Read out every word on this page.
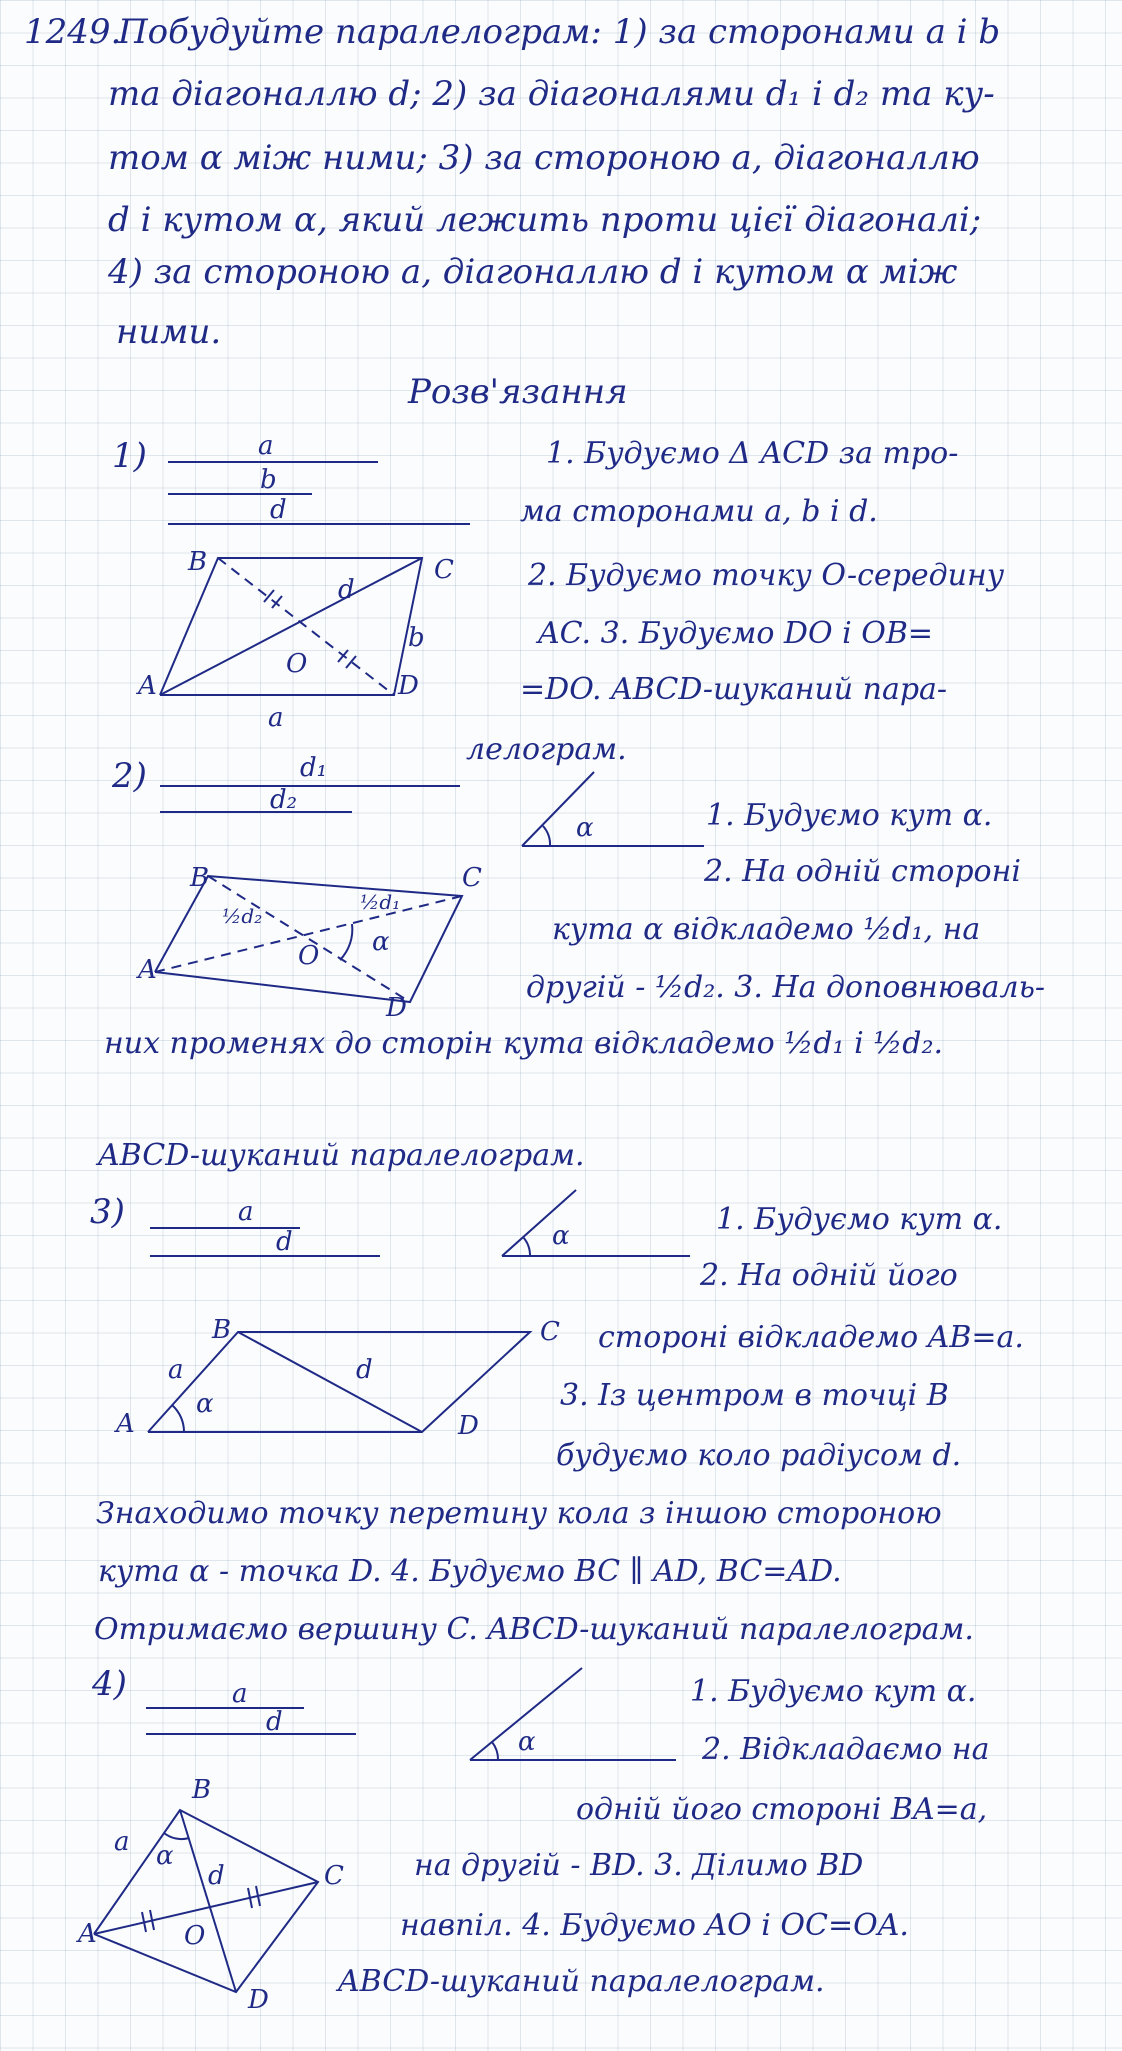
1249.
Побудуйте паралелограм: 1) за сторонами a і b
та діагоналлю d; 2) за діагоналями d₁ і d₂ та ку-
том α між ними; 3) за стороною a, діагоналлю
d і кутом α, який лежить проти цієї діагоналі;
4) за стороною a, діагоналлю d і кутом α між
ними.
Розв'язання
1)	a
b
d
A
B	C
D
O
a
b
d
1. Будуємо Δ ACD за тро-
ма сторонами a, b і d.
2. Будуємо точку O-середину
AC. 3. Будуємо DO і OB=
=DO. ABCD-шуканий пара-
лелограм.
2)	d₁
d₂
α
A
B	C
D
O
½d₂
½d₁
α
1. Будуємо кут α.
2. На одній стороні
кута α відкладемо ½d₁, на
другій - ½d₂. 3. На доповнюваль-
них променях до сторін кута відкладемо ½d₁ і ½d₂.
ABCD-шуканий паралелограм.
3)	a
d	α
A
B	C
D
a	d
α
1. Будуємо кут α.
2. На одній його
стороні відкладемо AB=a.
3. Із центром в точці B
будуємо коло радіусом d.
Знаходимо точку перетину кола з іншою стороною
кута α - точка D. 4. Будуємо BC ∥ AD, BC=AD.
Отримаємо вершину C. ABCD-шуканий паралелограм.
4)	a
d
α
A
B
C
D
O
a
d
α
1. Будуємо кут α.
2. Відкладаємо на
одній його стороні BA=a,
на другій - BD. 3. Ділимо BD
навпіл. 4. Будуємо AO і OC=OA.
ABCD-шуканий паралелограм.
